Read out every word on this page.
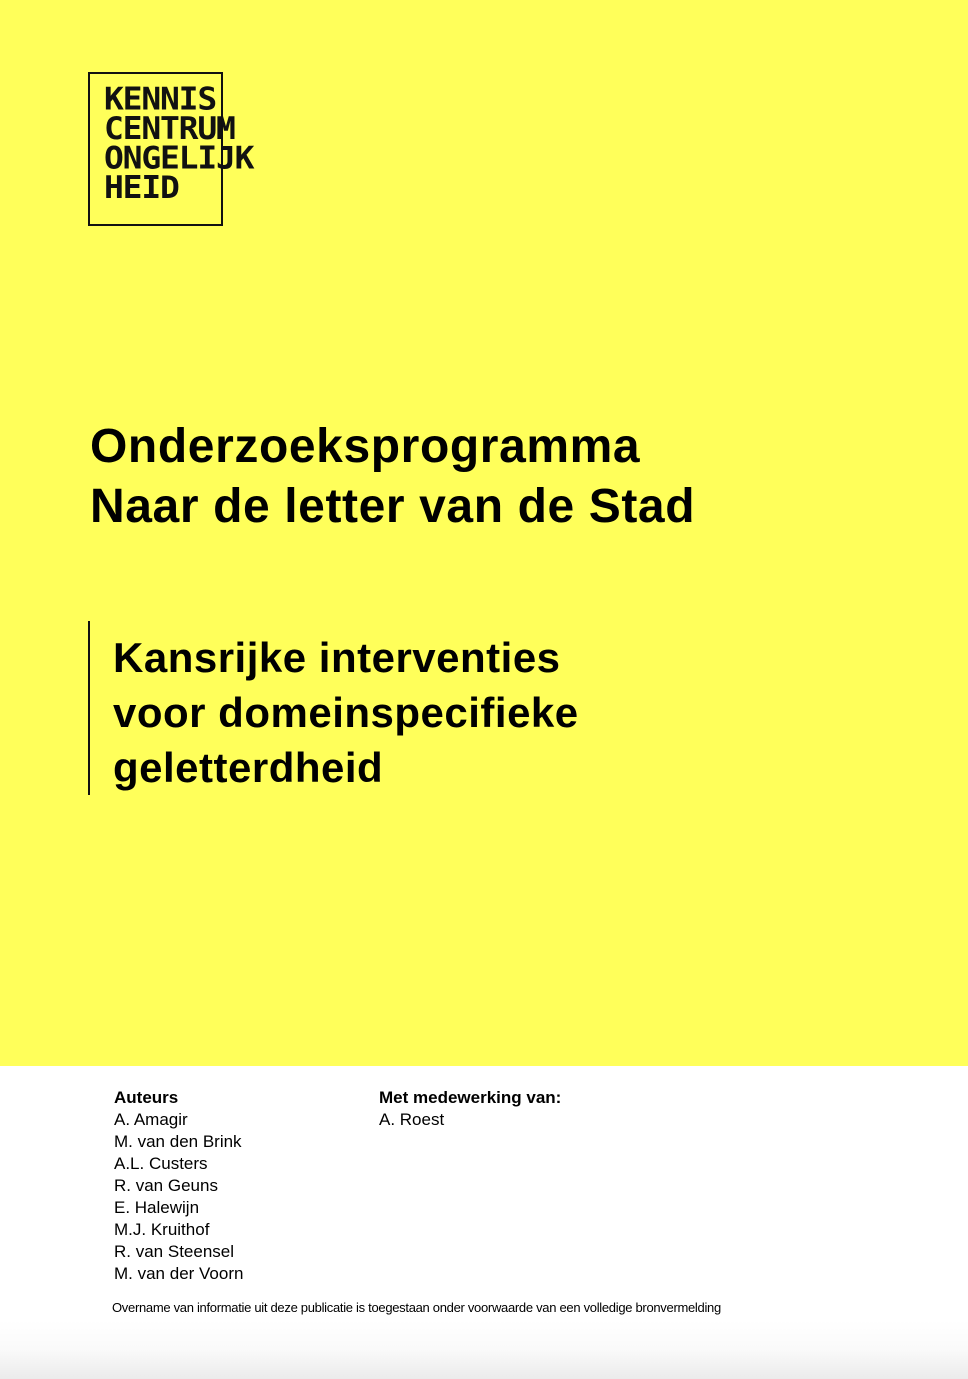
KENNIS
CENTRUM
ONGELIJK
HEID
Onderzoeksprogramma
Naar de letter van de Stad
Kansrijke interventies
voor domeinspecifieke
geletterdheid
Auteurs
A. Amagir
M. van den Brink
A.L. Custers
R. van Geuns
E. Halewijn
M.J. Kruithof
R. van Steensel
M. van der Voorn
Met medewerking van:
A. Roest
Overname van informatie uit deze publicatie is toegestaan onder voorwaarde van een volledige bronvermelding
